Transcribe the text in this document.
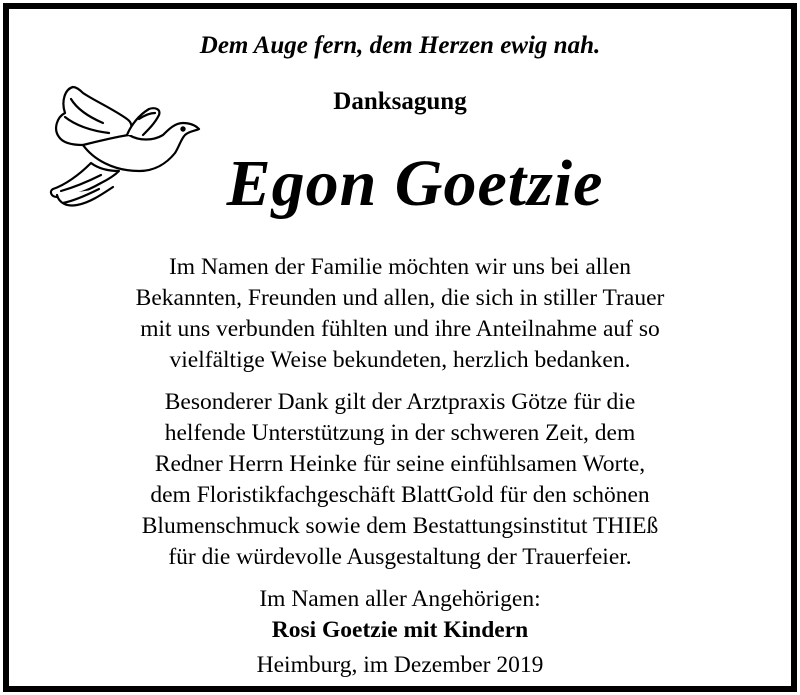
Dem Auge fern, dem Herzen ewig nah.
Danksagung
Egon Goetzie
Im Namen der Familie möchten wir uns bei allen
Bekannten, Freunden und allen, die sich in stiller Trauer
mit uns verbunden fühlten und ihre Anteilnahme auf so
vielfältige Weise bekundeten, herzlich bedanken.
Besonderer Dank gilt der Arztpraxis Götze für die
helfende Unterstützung in der schweren Zeit, dem
Redner Herrn Heinke für seine einfühlsamen Worte,
dem Floristikfachgeschäft BlattGold für den schönen
Blumenschmuck sowie dem Bestattungsinstitut THIEß
für die würdevolle Ausgestaltung der Trauerfeier.
Im Namen aller Angehörigen:
Rosi Goetzie mit Kindern
Heimburg, im Dezember 2019
